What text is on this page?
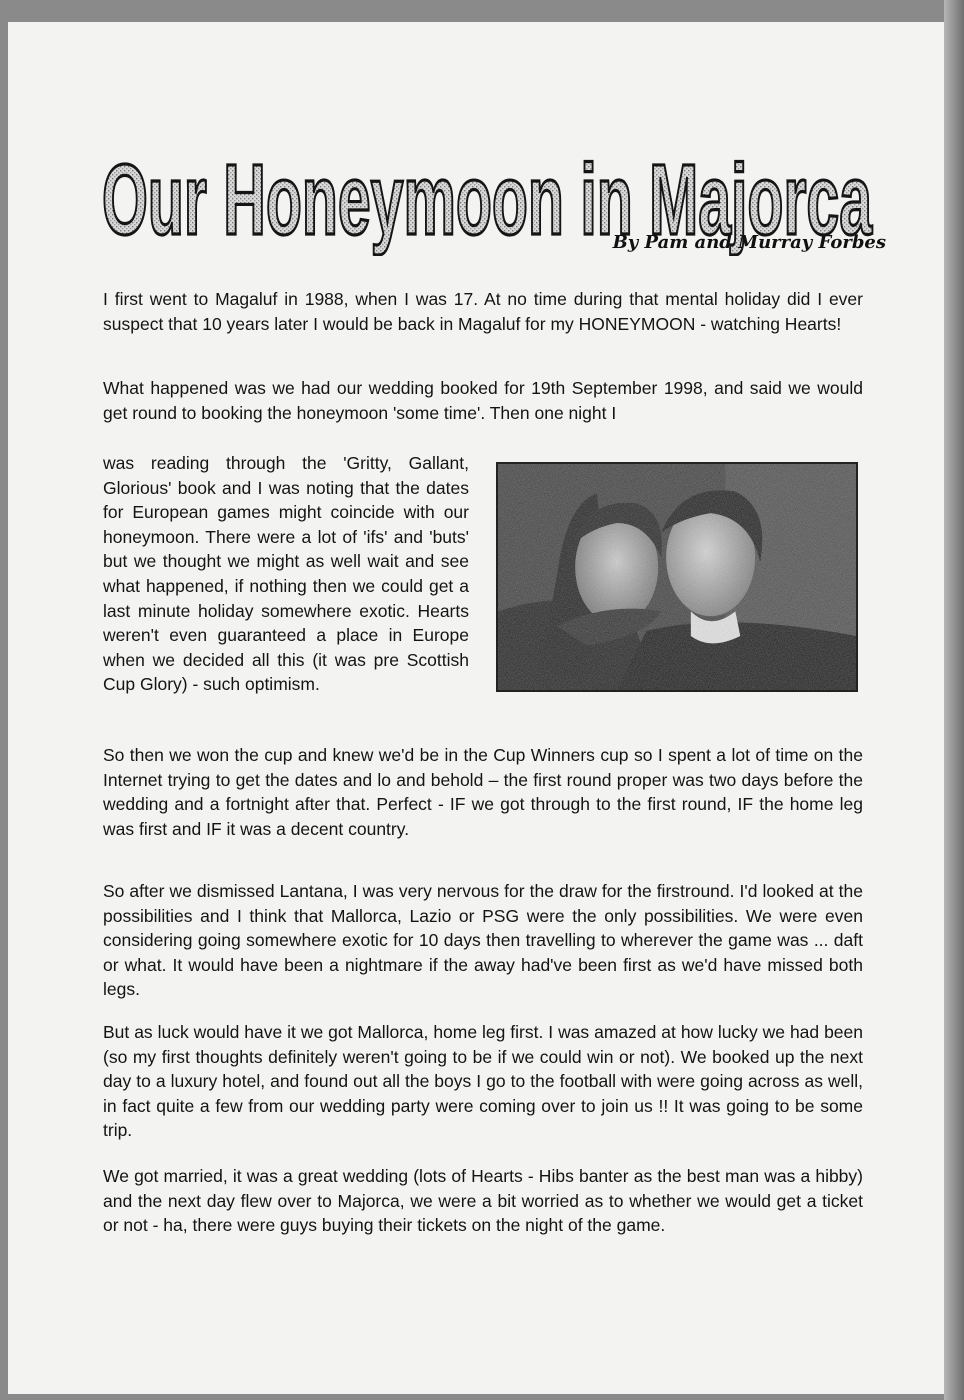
Our Honeymoon in Majorca
By Pam and Murray Forbes

I first went to Magaluf in 1988, when I was 17. At no time during that mental holiday did I ever suspect that 10 years later I would be back in Magaluf for my HONEYMOON - watching Hearts!

What happened was we had our wedding booked for 19th September 1998, and said we would get round to booking the honeymoon 'some time'. Then one night I

was reading through the 'Gritty, Gallant, Glorious' book and I was noting that the dates for European games might coincide with our honeymoon. There were a lot of 'ifs' and 'buts' but we thought we might as well wait and see what happened, if nothing then we could get a last minute holiday somewhere exotic. Hearts weren't even guaranteed a place in Europe when we decided all this (it was pre Scottish Cup Glory) - such optimism.

So then we won the cup and knew we'd be in the Cup Winners cup so I spent a lot of time on the Internet trying to get the dates and lo and behold – the first round proper was two days before the wedding and a fortnight after that. Perfect - IF we got through to the first round, IF the home leg was first and IF it was a decent country.

So after we dismissed Lantana, I was very nervous for the draw for the firstround. I'd looked at the possibilities and I think that Mallorca, Lazio or PSG were the only possibilities. We were even considering going somewhere exotic for 10 days then travelling to wherever the game was ... daft or what. It would have been a nightmare if the away had've been first as we'd have missed both legs.

But as luck would have it we got Mallorca, home leg first. I was amazed at how lucky we had been (so my first thoughts definitely weren't going to be if we could win or not). We booked up the next day to a luxury hotel, and found out all the boys I go to the football with were going across as well, in fact quite a few from our wedding party were coming over to join us !! It was going to be some trip.

We got married, it was a great wedding (lots of Hearts - Hibs banter as the best man was a hibby) and the next day flew over to Majorca, we were a bit worried as to whether we would get a ticket or not - ha, there were guys buying their tickets on the night of the game.
